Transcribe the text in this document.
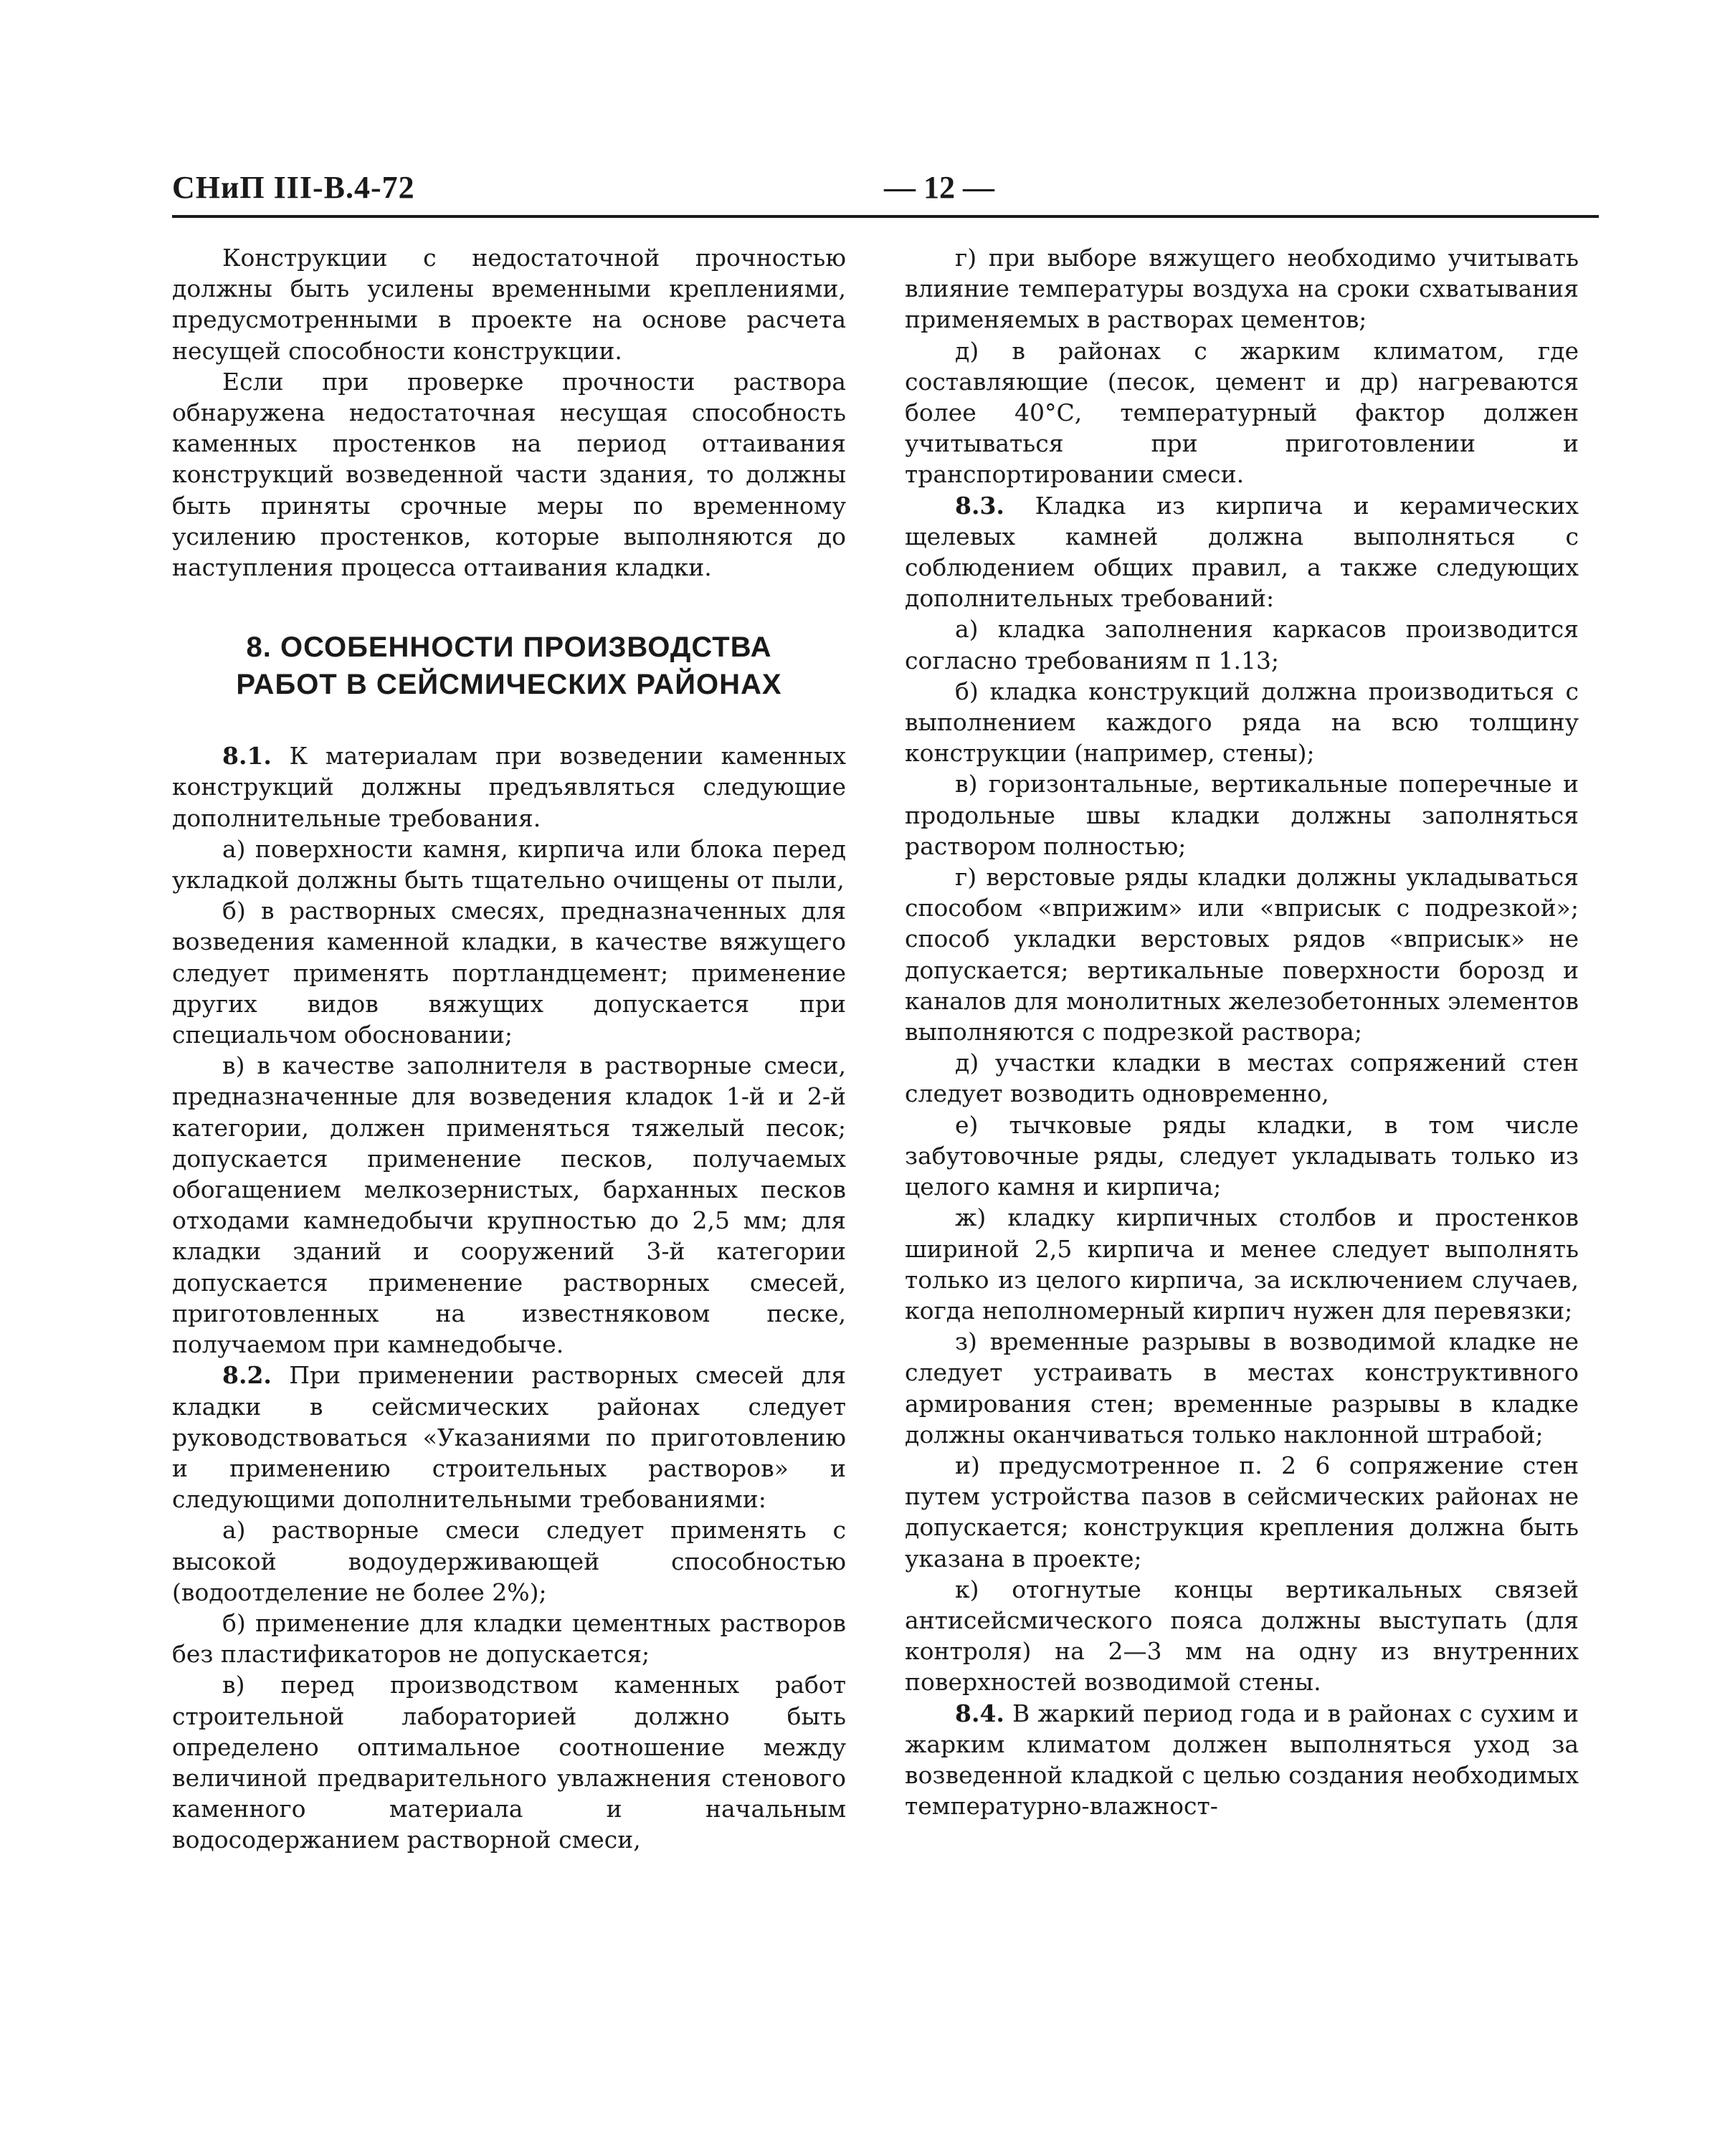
СНиП III-В.4-72	— 12 —

Конструкции с недостаточной прочностью должны быть усилены временными креплениями, предусмотренными в проекте на основе расчета несущей способности конструкции.

Если при проверке прочности раствора обнаружена недостаточная несущая способность каменных простенков на период оттаивания конструкций возведенной части здания, то должны быть приняты срочные меры по временному усилению простенков, которые выполняются до наступления процесса оттаивания кладки.

8. ОСОБЕННОСТИ ПРОИЗВОДСТВА
РАБОТ В СЕЙСМИЧЕСКИХ РАЙОНАХ

8.1. К материалам при возведении каменных конструкций должны предъявляться следующие дополнительные требования.

а) поверхности камня, кирпича или блока перед укладкой должны быть тщательно очищены от пыли,

б) в растворных смесях, предназначенных для возведения каменной кладки, в качестве вяжущего следует применять портландцемент; применение других видов вяжущих допускается при специальчом обосновании;

в) в качестве заполнителя в растворные смеси, предназначенные для возведения кладок 1-й и 2-й категории, должен применяться тяжелый песок; допускается применение песков, получаемых обогащением мелкозернистых, барханных песков отходами камнедобычи крупностью до 2,5 мм; для кладки зданий и сооружений 3-й категории допускается применение растворных смесей, приготовленных на известняковом песке, получаемом при камнедобыче.

8.2. При применении растворных смесей для кладки в сейсмических районах следует руководствоваться «Указаниями по приготовлению и применению строительных растворов» и следующими дополнительными требованиями:

а) растворные смеси следует применять с высокой водоудерживающей способностью (водоотделение не более 2%);

б) применение для кладки цементных растворов без пластификаторов не допускается;

в) перед производством каменных работ строительной лабораторией должно быть определено оптимальное соотношение между величиной предварительного увлажнения стенового каменного материала и начальным водосодержанием растворной смеси,

г) при выборе вяжущего необходимо учитывать влияние температуры воздуха на сроки схватывания применяемых в растворах цементов;

д) в районах с жарким климатом, где составляющие (песок, цемент и др) нагреваются более 40°С, температурный фактор должен учитываться при приготовлении и транспортировании смеси.

8.3. Кладка из кирпича и керамических щелевых камней должна выполняться с соблюдением общих правил, а также следующих дополнительных требований:

а) кладка заполнения каркасов производится согласно требованиям п 1.13;

б) кладка конструкций должна производиться с выполнением каждого ряда на всю толщину конструкции (например, стены);

в) горизонтальные, вертикальные поперечные и продольные швы кладки должны заполняться раствором полностью;

г) верстовые ряды кладки должны укладываться способом «вприжим» или «вприсык с подрезкой»; способ укладки верстовых рядов «вприсык» не допускается; вертикальные поверхности борозд и каналов для монолитных железобетонных элементов выполняются с подрезкой раствора;

д) участки кладки в местах сопряжений стен следует возводить одновременно,

е) тычковые ряды кладки, в том числе забутовочные ряды, следует укладывать только из целого камня и кирпича;

ж) кладку кирпичных столбов и простенков шириной 2,5 кирпича и менее следует выполнять только из целого кирпича, за исключением случаев, когда неполномерный кирпич нужен для перевязки;

з) временные разрывы в возводимой кладке не следует устраивать в местах конструктивного армирования стен; временные разрывы в кладке должны оканчиваться только наклонной штрабой;

и) предусмотренное п. 2 6 сопряжение стен путем устройства пазов в сейсмических районах не допускается; конструкция крепления должна быть указана в проекте;

к) отогнутые концы вертикальных связей антисейсмического пояса должны выступать (для контроля) на 2—3 мм на одну из внутренних поверхностей возводимой стены.

8.4. В жаркий период года и в районах с сухим и жарким климатом должен выполняться уход за возведенной кладкой с целью создания необходимых температурно-влажност-
